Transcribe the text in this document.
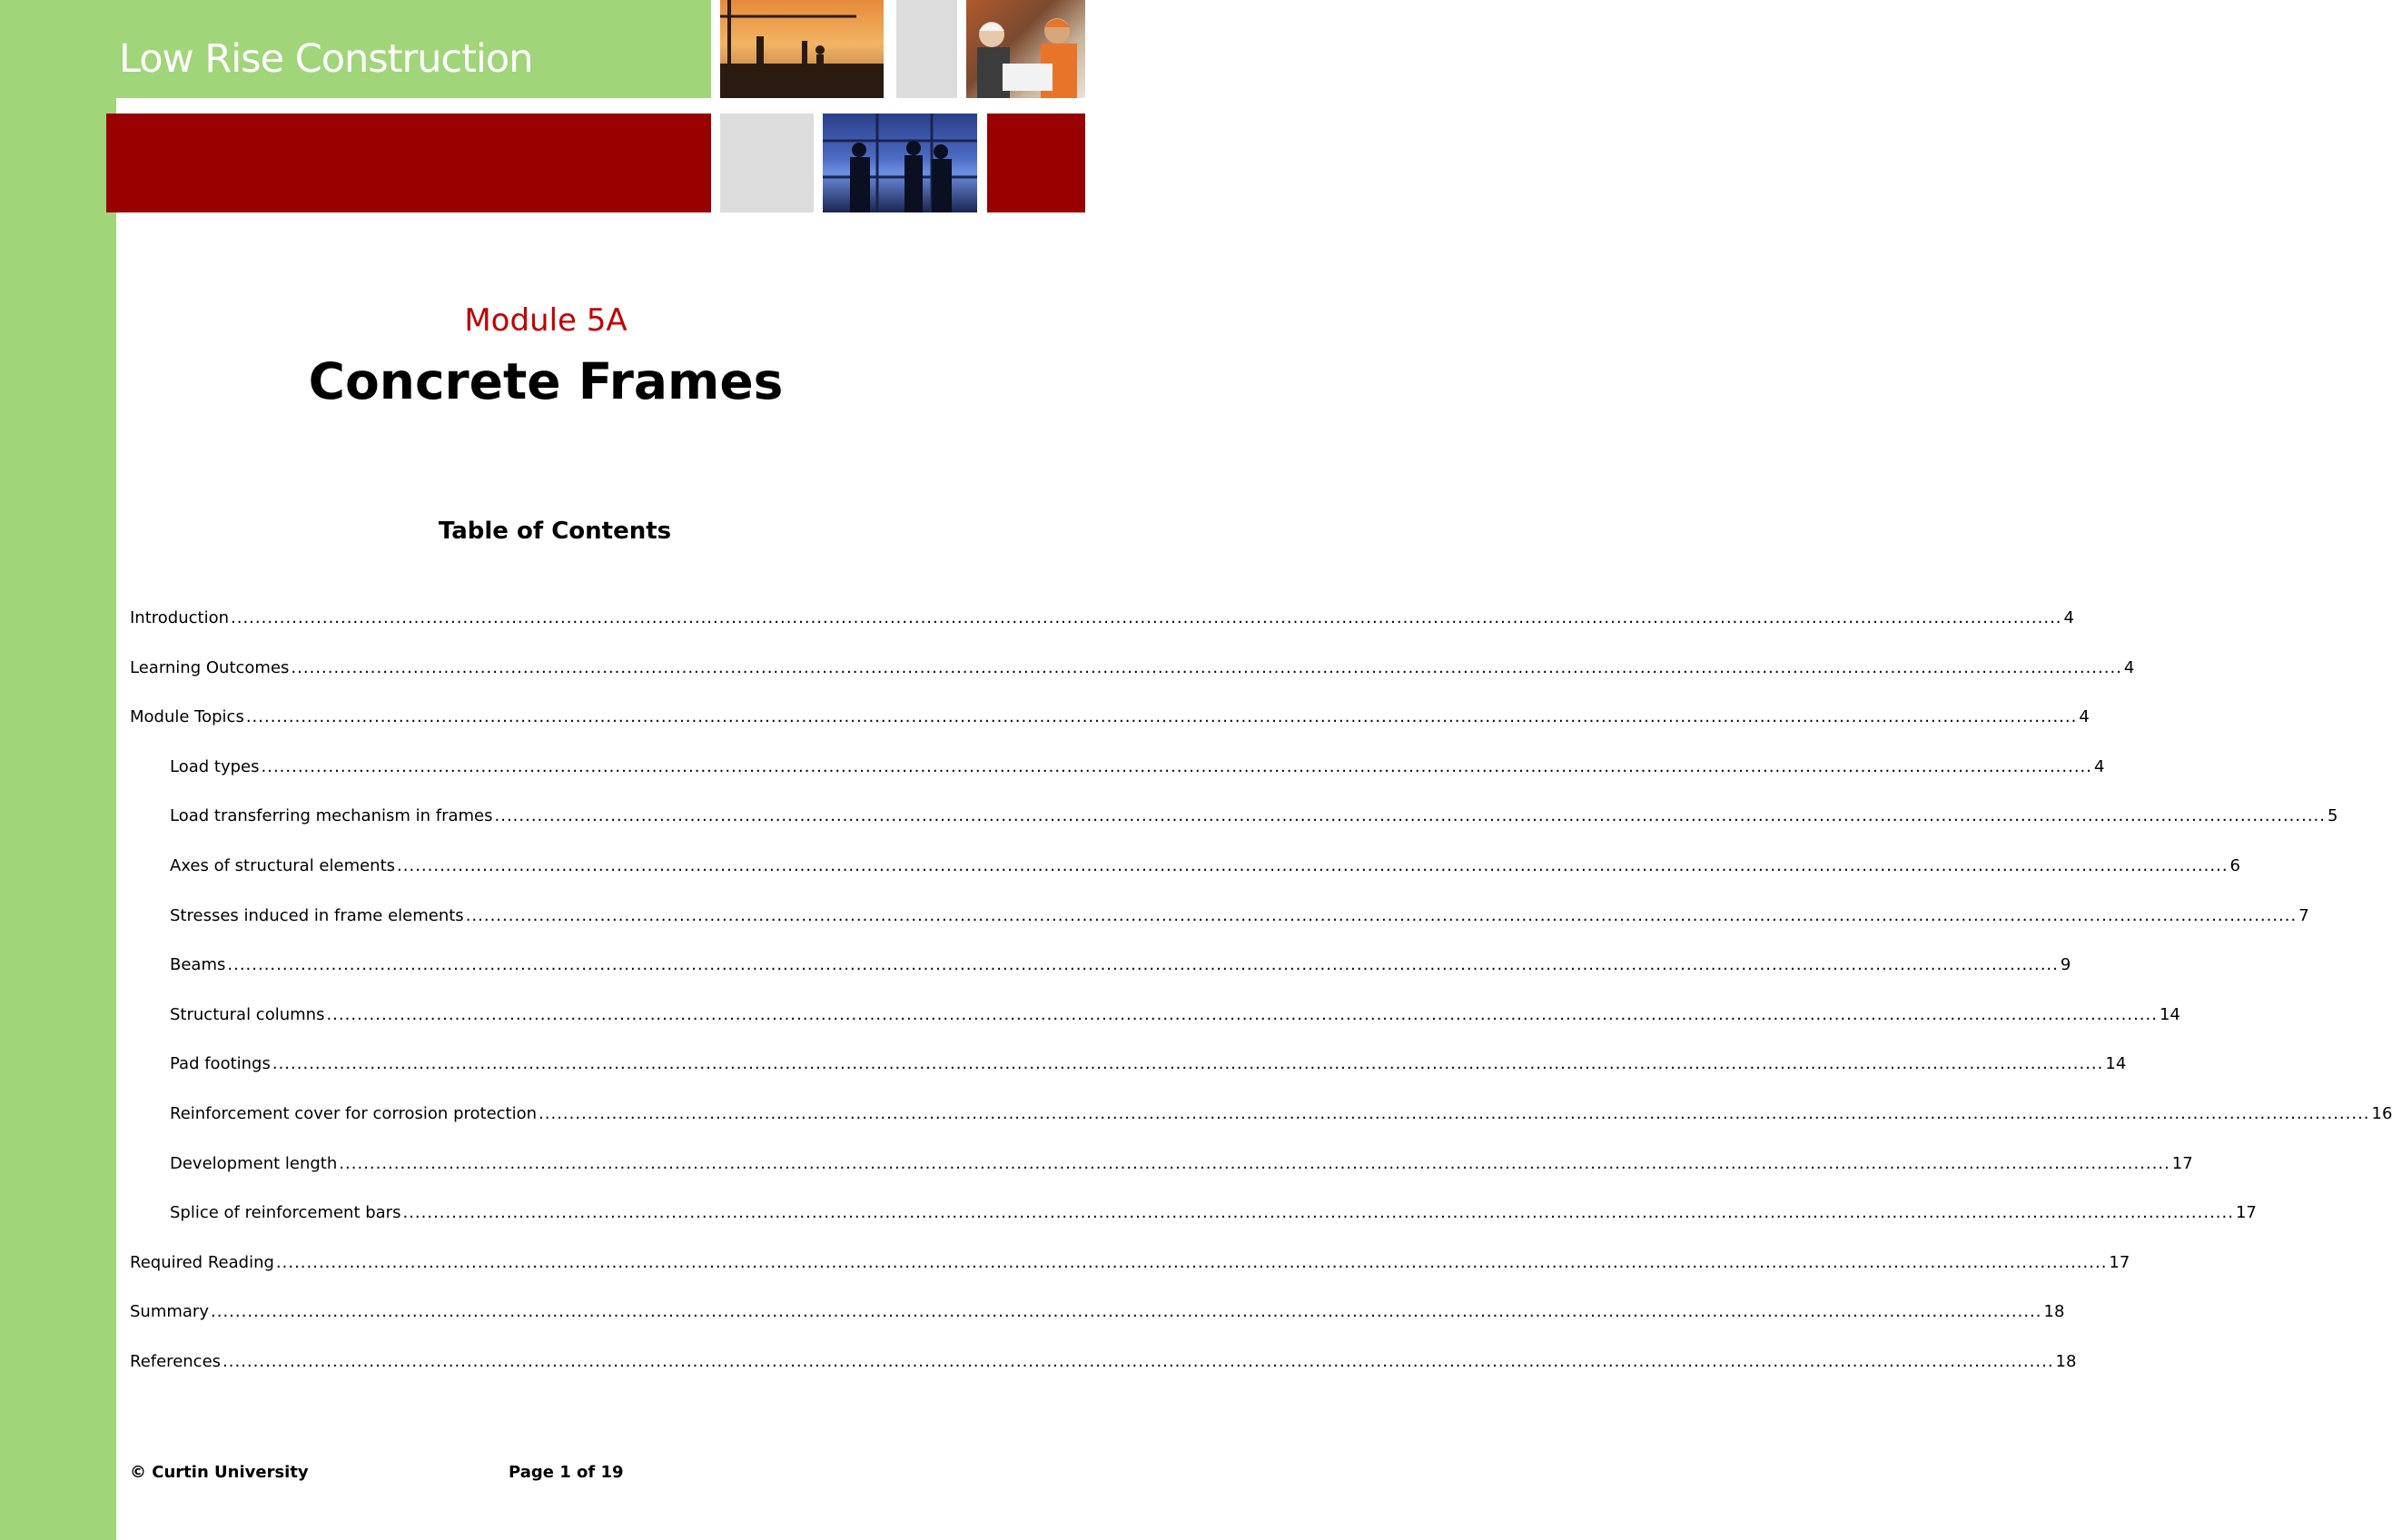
Low Rise Construction
Module 5A
Concrete Frames
Table of Contents
Introduction ............................................................................................................................................................................................................................................................................................................ 4
Learning Outcomes ............................................................................................................................................................................................................................................................................................................ 4
Module Topics ............................................................................................................................................................................................................................................................................................................ 4
Load types ............................................................................................................................................................................................................................................................................................................ 4
Load transferring mechanism in frames ............................................................................................................................................................................................................................................................................................................ 5
Axes of structural elements ............................................................................................................................................................................................................................................................................................................ 6
Stresses induced in frame elements ............................................................................................................................................................................................................................................................................................................ 7
Beams ............................................................................................................................................................................................................................................................................................................ 9
Structural columns ............................................................................................................................................................................................................................................................................................................ 14
Pad footings ............................................................................................................................................................................................................................................................................................................ 14
Reinforcement cover for corrosion protection ............................................................................................................................................................................................................................................................................................................ 16
Development length ............................................................................................................................................................................................................................................................................................................ 17
Splice of reinforcement bars ............................................................................................................................................................................................................................................................................................................ 17
Required Reading ............................................................................................................................................................................................................................................................................................................ 17
Summary ............................................................................................................................................................................................................................................................................................................ 18
References ............................................................................................................................................................................................................................................................................................................ 18
© Curtin University	Page 1 of 19
